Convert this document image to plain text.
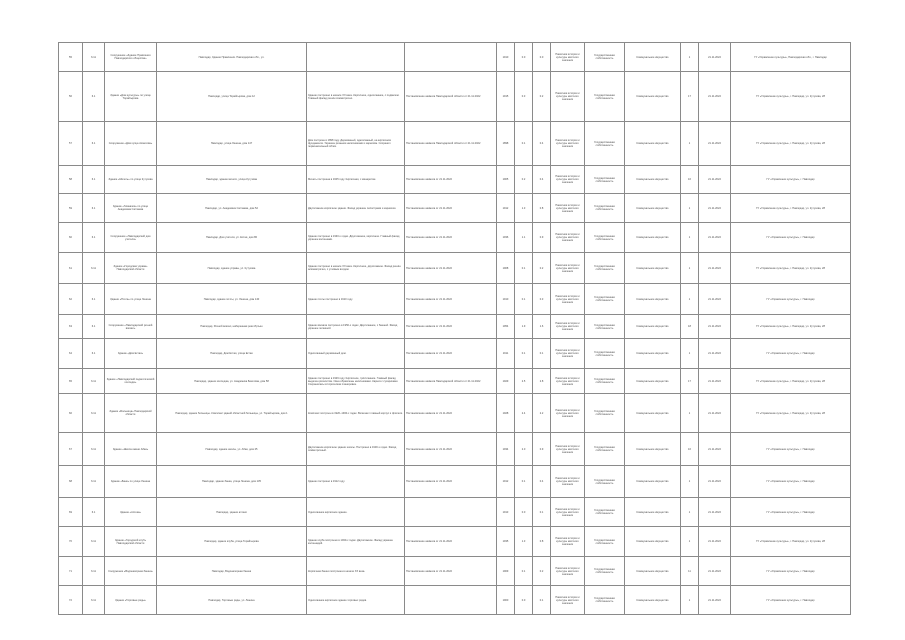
55	6.11	Сооружение «Здание Правления Павлодарского общества»	Павлодар, Здание Правления. Павлодарская обл., ул.			1910	0.0	0.0	Памятник истории и культуры местного значения	Государственная собственность	Коммунальное имущество	1	21.11.2022	ГУ «Управление культуры», Павлодарская обл., г. Павлодар
56	6.1	Здание «Дом культуры» по улице Торайгырова	Павлодар, улица Торайгырова, дом 12	Здание построено в начале XX века. Кирпичное, одноэтажное, с подвалом. Главный фасад решён симметрично.	Постановление акимата Павлодарской области от 21.11.2022	1915	0.3	0.2	Памятник истории и культуры местного значения	Государственная собственность	Коммунальное имущество	17	21.11.2022	ГУ «Управление культуры», г. Павлодар, ул. Кутузова, 28
57	6.1	Сооружение «Дом купца Ахметова»	Павлодар, улица Ленина, дом 147	Дом построен в 1898 году. Деревянный, одноэтажный, на кирпичном фундаменте. Украшен резными наличниками и карнизом. Сохранил первоначальный облик.	Постановление акимата Павлодарской области от 21.11.2022	1898	0.1	0.4	Памятник истории и культуры местного значения	Государственная собственность	Коммунальное имущество	1	21.11.2022	ГУ «Управление культуры», г. Павлодар, ул. Кутузова, 28
58	6.1	Здание «Мечеть» по улице Кутузова	Павлодар, здание мечети, улица Кутузова	Мечеть построена в 1905 году. Кирпичная, с минаретом.	Постановление акимата от 21.11.2022	1905	0.2	0.4	Памятник истории и культуры местного значения	Государственная собственность	Коммунальное имущество	16	21.11.2022	ГУ «Управление культуры», г. Павлодар
59	6.1	Здание «Гимназия» по улице Академика Сатпаева	Павлодар, ул. Академика Сатпаева, дом 52	Двухэтажное кирпичное здание. Фасад украшен пилястрами и карнизом.	Постановление акимата от 21.11.2022	1912	1.3	0.8	Памятник истории и культуры местного значения	Государственная собственность	Коммунальное имущество	1	21.11.2022	ГУ «Управление культуры», г. Павлодар, ул. Кутузова, 28
60	6.1	Сооружение «Павлодарский дом учителя»	Павлодар, Дом учителя, ул. Естая, дом 80	Здание построено в 1930-х годах. Двухэтажное, кирпичное. Главный фасад украшен колоннами.	Постановление акимата от 21.11.2022	1936	1.1	0.9	Памятник истории и культуры местного значения	Государственная собственность	Коммунальное имущество	1	21.11.2022	ГУ «Управление культуры», г. Павлодар
61	6.11	Здание «Городская управа» Павлодарской области	Павлодар, здание управы, ул. Кутузова	Здание построено в начале XX века. Кирпичное, двухэтажное. Фасад решён асимметрично, с угловым входом.	Постановление акимата от 21.11.2022	1908	0.1	0.2	Памятник истории и культуры местного значения	Государственная собственность	Коммунальное имущество	1	21.11.2022	ГУ «Управление культуры», г. Павлодар, ул. Кутузова, 28
62	6.1	Здание «Почта» по улице Ленина	Павлодар, здание почты, ул. Ленина, дом 140	Здание почты построено в 1910 году.	Постановление акимата от 21.11.2022	1910	0.1	0.3	Памятник истории и культуры местного значения	Государственная собственность	Коммунальное имущество	1	21.11.2022	ГУ «Управление культуры», г. Павлодар
63	6.1	Сооружение «Павлодарский речной вокзал»	Павлодар, Речной вокзал, набережная реки Иртыш	Здание вокзала построено в 1950-х годах. Двухэтажное, с башней. Фасад украшен лепниной.	Постановление акимата от 21.11.2022	1954	1.9	1.6	Памятник истории и культуры местного значения	Государственная собственность	Коммунальное имущество	18	21.11.2022	ГУ «Управление культуры», г. Павлодар, ул. Кутузова, 28
64	6.1	Здание «Дом Естая»	Павлодар, Дом Естая, улица Естая	Одноэтажный деревянный дом.	Постановление акимата от 21.11.2022	1911	0.1	0.1	Памятник истории и культуры местного значения	Государственная собственность	Коммунальное имущество	1	21.11.2022	ГУ «Управление культуры», г. Павлодар
65	6.11	Здание «Павлодарский педагогический колледж»	Павлодар, здание колледжа, ул. Академика Бекетова, дом 58	Здание построено в 1929 году. Кирпичное, трёхэтажное. Главный фасад выделен ризалитом. Окна обрамлены наличниками. Карниз с сухариками. Сохранилась историческая планировка.	Постановление акимата Павлодарской области от 21.11.2022	1929	2.5	2.8	Памятник истории и культуры местного значения	Государственная собственность	Коммунальное имущество	17	21.11.2022	ГУ «Управление культуры», г. Павлодар, ул. Кутузова, 28
66	6.11	Здание «Больница» Павлодарской области	Павлодар, здание больницы. Комплекс зданий областной больницы, ул. Торайгырова, дом 1	Комплекс построен в 1920–1930-х годах. Включает главный корпус и флигели.	Постановление акимата от 21.11.2022	1928	2.4	2.2	Памятник истории и культуры местного значения	Государственная собственность	Коммунальное имущество	1	21.11.2022	ГУ «Управление культуры», г. Павлодар, ул. Кутузова, 28
67	6.11	Здание «Школа имени Абая»	Павлодар, здание школы, ул. Абая, дом 25	Двухэтажное кирпичное здание школы. Построено в 1930-х годах. Фасад симметричный.	Постановление акимата от 21.11.2022	1934	2.0	0.9	Памятник истории и культуры местного значения	Государственная собственность	Коммунальное имущество	16	21.11.2022	ГУ «Управление культуры», г. Павлодар
68	6.11	Здание «Банк» по улице Ленина	Павлодар, здание банка, улица Ленина, дом 135	Здание построено в 1912 году.	Постановление акимата от 21.11.2022	1912	0.1	0.4	Памятник истории и культуры местного значения	Государственная собственность	Коммунальное имущество	1	21.11.2022	ГУ «Управление культуры», г. Павлодар
69	6.1	Здание «Аптека»	Павлодар, здание аптеки	Одноэтажное кирпичное здание.		1913	0.0	0.1	Памятник истории и культуры местного значения	Государственная собственность	Коммунальное имущество	1	21.11.2022	ГУ «Управление культуры», г. Павлодар
70	6.11	Здание «Городской клуб» Павлодарской области	Павлодар, здание клуба, улица Торайгырова	Здание клуба построено в 1930-х годах. Двухэтажное. Фасад украшен колоннадой.	Постановление акимата от 21.11.2022	1935	1.3	0.8	Памятник истории и культуры местного значения	Государственная собственность	Коммунальное имущество	1	21.11.2022	ГУ «Управление культуры», г. Павлодар, ул. Кутузова, 28
71	6.11	Сооружение «Водонапорная башня»	Павлодар, Водонапорная башня	Кирпичная башня построена в начале XX века.	Постановление акимата от 21.11.2022	1909	0.1	0.2	Памятник истории и культуры местного значения	Государственная собственность	Коммунальное имущество	11	21.11.2022	ГУ «Управление культуры», г. Павлодар
72	6.11	Здание «Торговые ряды»	Павлодар, Торговые ряды, ул. Ленина	Одноэтажное кирпичное здание торговых рядов.		1900	0.0	0.1	Памятник истории и культуры местного значения	Государственная собственность	Коммунальное имущество	1	21.11.2022	ГУ «Управление культуры», г. Павлодар
